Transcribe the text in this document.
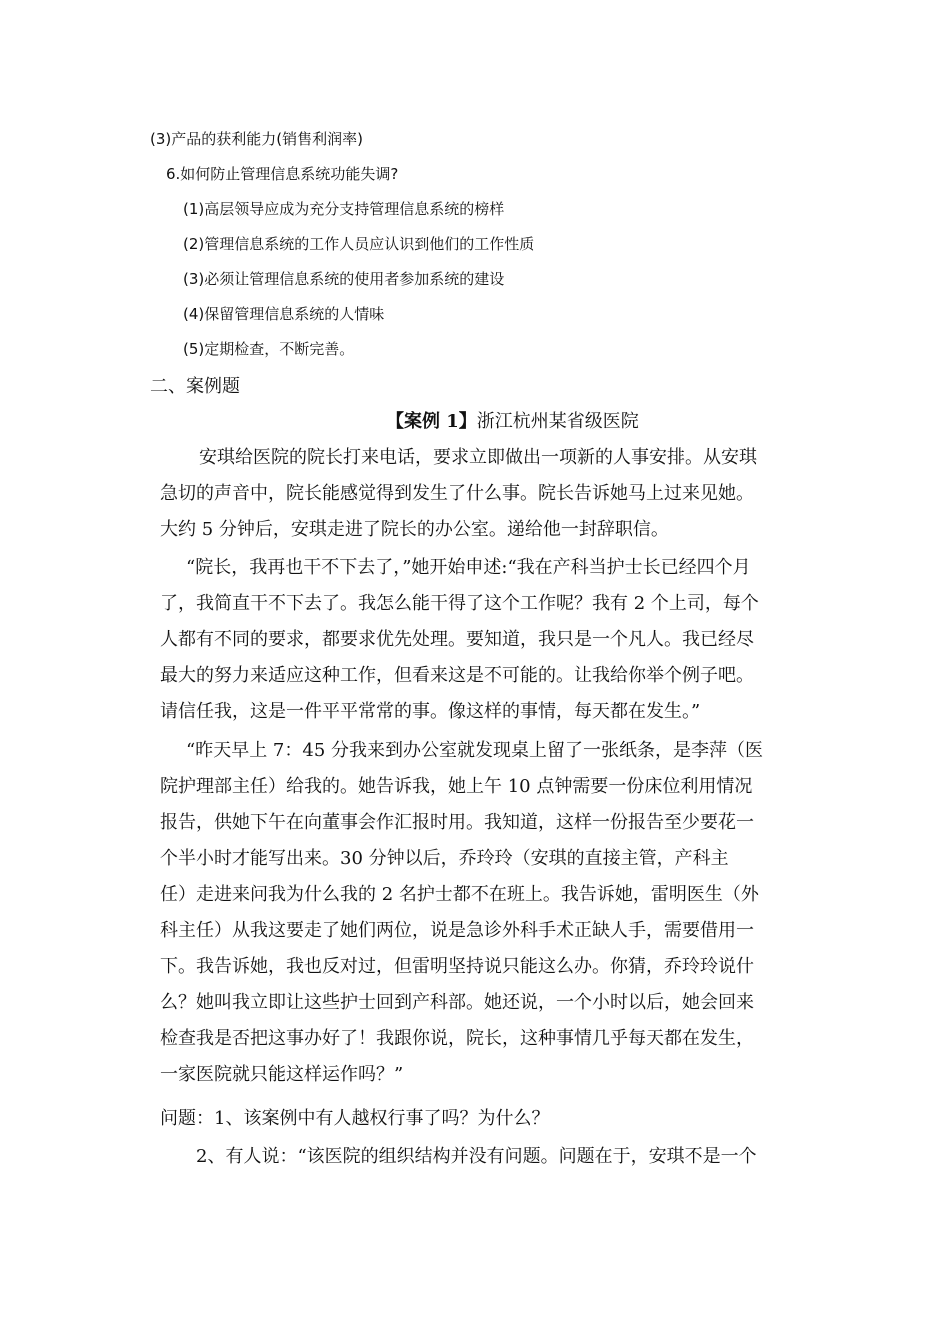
(3)产品的获利能力(销售利润率)
6.如何防止管理信息系统功能失调?
(1)高层领导应成为充分支持管理信息系统的榜样
(2)管理信息系统的工作人员应认识到他们的工作性质
(3)必须让管理信息系统的使用者参加系统的建设
(4)保留管理信息系统的人情味
(5)定期检查，不断完善。
二、案例题
【案例 1】浙江杭州某省级医院
安琪给医院的院长打来电话，要求立即做出一项新的人事安排。从安琪
急切的声音中，院长能感觉得到发生了什么事。院长告诉她马上过来见她。
大约 5 分钟后，安琪走进了院长的办公室。递给他一封辞职信。
“院长，我再也干不下去了，”她开始申述:“我在产科当护士长已经四个月
了，我简直干不下去了。我怎么能干得了这个工作呢？我有 2 个上司，每个
人都有不同的要求，都要求优先处理。要知道，我只是一个凡人。我已经尽
最大的努力来适应这种工作，但看来这是不可能的。让我给你举个例子吧。
请信任我，这是一件平平常常的事。像这样的事情，每天都在发生。”
“昨天早上 7：45 分我来到办公室就发现桌上留了一张纸条，是李萍（医
院护理部主任）给我的。她告诉我，她上午 10 点钟需要一份床位利用情况
报告，供她下午在向董事会作汇报时用。我知道，这样一份报告至少要花一
个半小时才能写出来。30 分钟以后，乔玲玲（安琪的直接主管，产科主
任）走进来问我为什么我的 2 名护士都不在班上。我告诉她，雷明医生（外
科主任）从我这要走了她们两位，说是急诊外科手术正缺人手，需要借用一
下。我告诉她，我也反对过，但雷明坚持说只能这么办。你猜，乔玲玲说什
么？她叫我立即让这些护士回到产科部。她还说，一个小时以后，她会回来
检查我是否把这事办好了！我跟你说，院长，这种事情几乎每天都在发生，
一家医院就只能这样运作吗？”
问题：1、该案例中有人越权行事了吗？为什么？
2、有人说：“该医院的组织结构并没有问题。问题在于，安琪不是一个
